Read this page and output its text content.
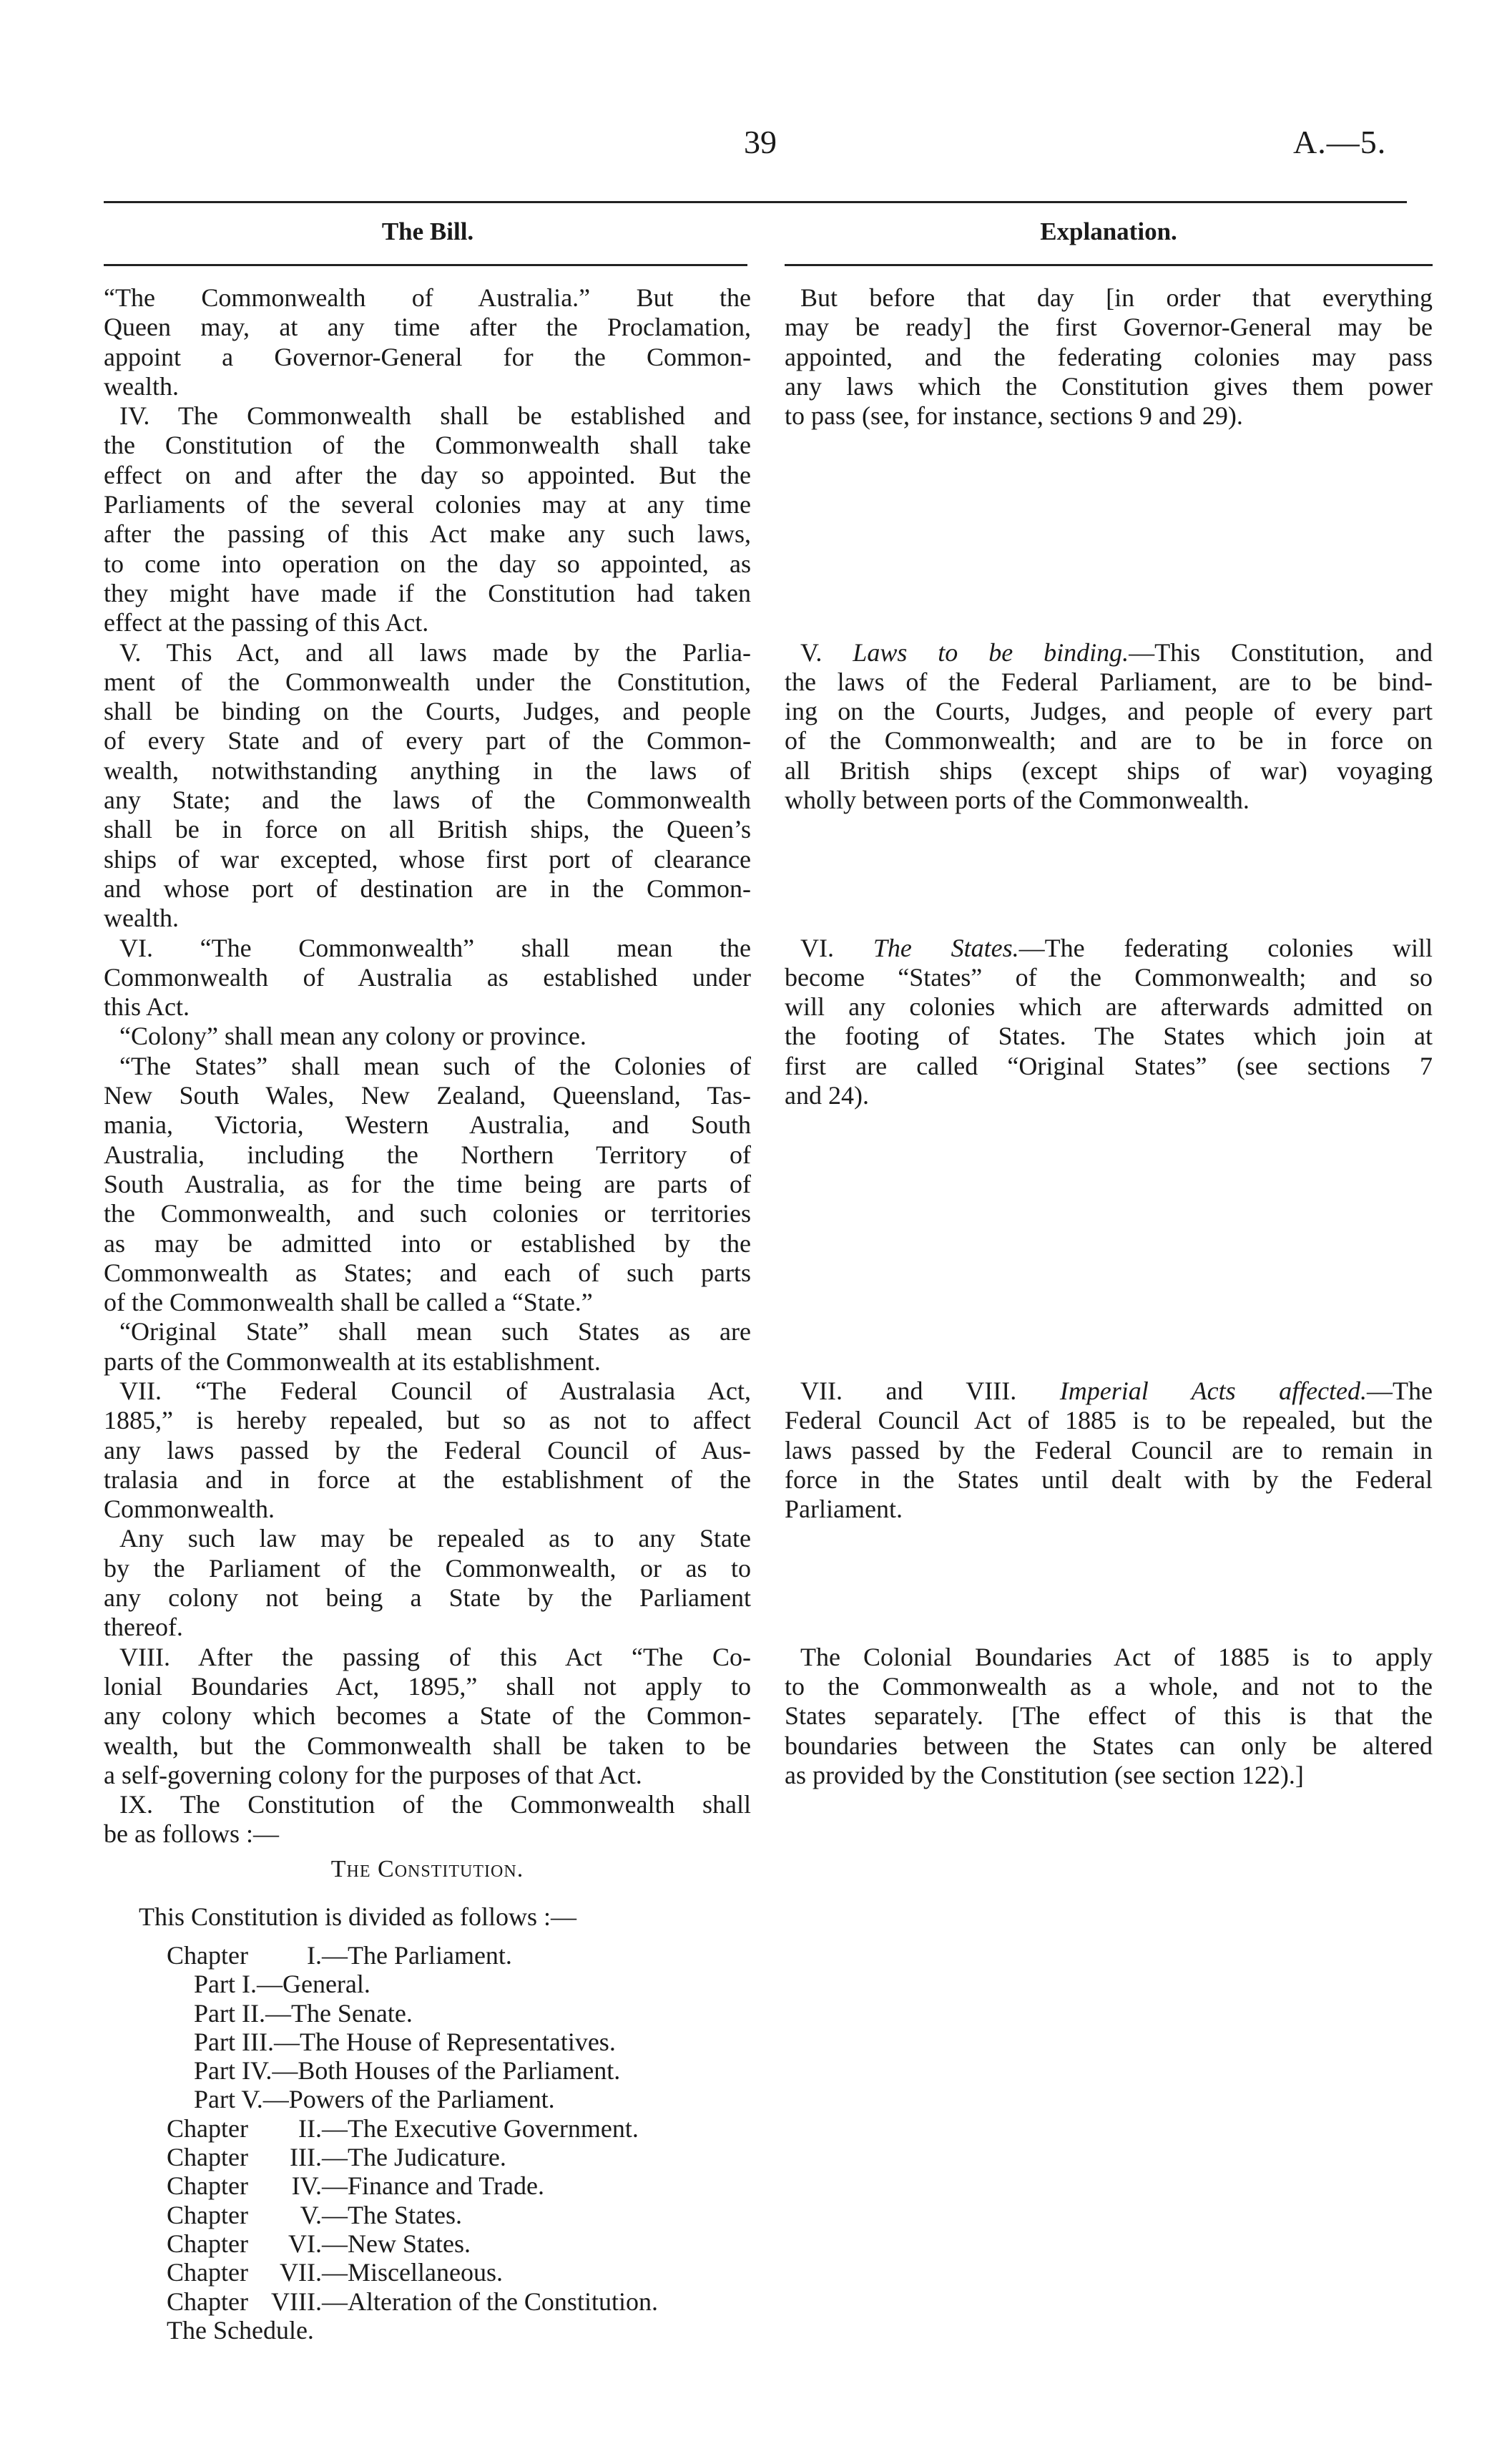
39	A.—5.
The Bill.	Explanation.
“The Commonwealth of Australia.” But the
Queen may, at any time after the Proclamation,
appoint a Governor-General for the Common-
wealth.
IV. The Commonwealth shall be established and
the Constitution of the Commonwealth shall take
effect on and after the day so appointed. But the
Parliaments of the several colonies may at any time
after the passing of this Act make any such laws,
to come into operation on the day so appointed, as
they might have made if the Constitution had taken
effect at the passing of this Act.
V. This Act, and all laws made by the Parlia-
ment of the Commonwealth under the Constitution,
shall be binding on the Courts, Judges, and people
of every State and of every part of the Common-
wealth, notwithstanding anything in the laws of
any State; and the laws of the Commonwealth
shall be in force on all British ships, the Queen’s
ships of war excepted, whose first port of clearance
and whose port of destination are in the Common-
wealth.
VI. “The Commonwealth” shall mean the
Commonwealth of Australia as established under
this Act.
“Colony” shall mean any colony or province.
“The States” shall mean such of the Colonies of
New South Wales, New Zealand, Queensland, Tas-
mania, Victoria, Western Australia, and South
Australia, including the Northern Territory of
South Australia, as for the time being are parts of
the Commonwealth, and such colonies or territories
as may be admitted into or established by the
Commonwealth as States; and each of such parts
of the Commonwealth shall be called a “State.”
“Original State” shall mean such States as are
parts of the Commonwealth at its establishment.
VII. “The Federal Council of Australasia Act,
1885,” is hereby repealed, but so as not to affect
any laws passed by the Federal Council of Aus-
tralasia and in force at the establishment of the
Commonwealth.
Any such law may be repealed as to any State
by the Parliament of the Commonwealth, or as to
any colony not being a State by the Parliament
thereof.
VIII. After the passing of this Act “The Co-
lonial Boundaries Act, 1895,” shall not apply to
any colony which becomes a State of the Common-
wealth, but the Commonwealth shall be taken to be
a self-governing colony for the purposes of that Act.
IX. The Constitution of the Commonwealth shall
be as follows :—
But before that day [in order that everything
may be ready] the first Governor-General may be
appointed, and the federating colonies may pass
any laws which the Constitution gives them power
to pass (see, for instance, sections 9 and 29).
V. Laws to be binding.—This Constitution, and
the laws of the Federal Parliament, are to be bind-
ing on the Courts, Judges, and people of every part
of the Commonwealth; and are to be in force on
all British ships (except ships of war) voyaging
wholly between ports of the Commonwealth.
VI. The States.—The federating colonies will
become “States” of the Commonwealth; and so
will any colonies which are afterwards admitted on
the footing of States. The States which join at
first are called “Original States” (see sections 7
and 24).
VII. and VIII. Imperial Acts affected.—The
Federal Council Act of 1885 is to be repealed, but the
laws passed by the Federal Council are to remain in
force in the States until dealt with by the Federal
Parliament.
The Colonial Boundaries Act of 1885 is to apply
to the Commonwealth as a whole, and not to the
States separately. [The effect of this is that the
boundaries between the States can only be altered
as provided by the Constitution (see section 122).]
The Constitution.
This Constitution is divided as follows :—
Chapter I.—The Parliament.
Part I.—General.
Part II.—The Senate.
Part III.—The House of Representatives.
Part IV.—Both Houses of the Parliament.
Part V.—Powers of the Parliament.
Chapter II.—The Executive Government.
Chapter III.—The Judicature.
Chapter IV.—Finance and Trade.
Chapter V.—The States.
Chapter VI.—New States.
Chapter VII.—Miscellaneous.
Chapter VIII.—Alteration of the Constitution.
The Schedule.
